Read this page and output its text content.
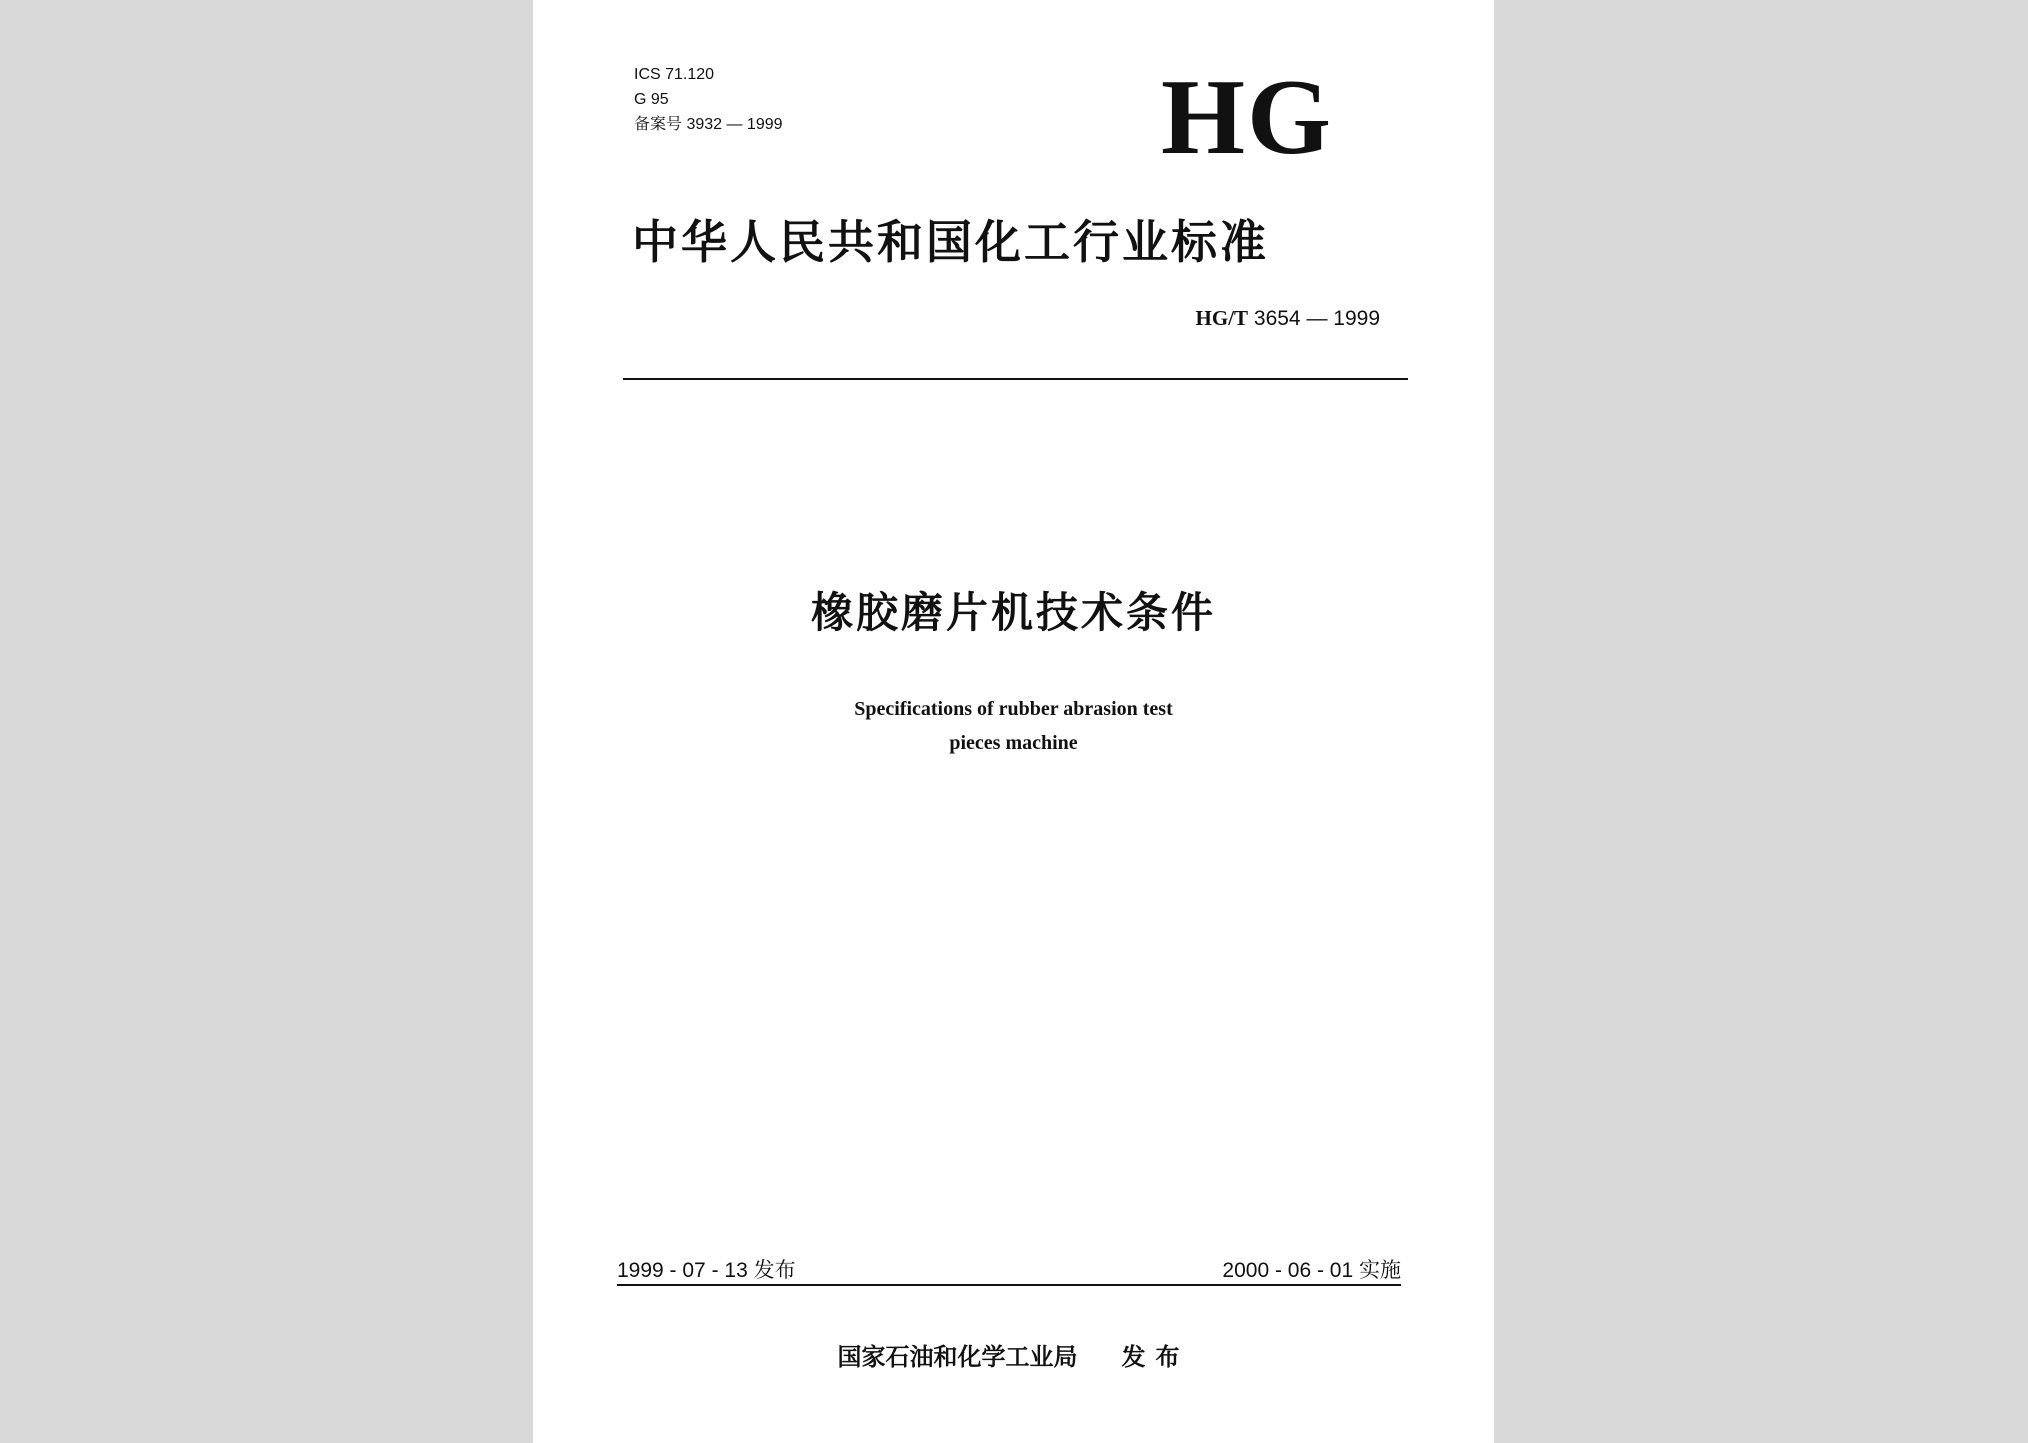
ICS 71.120
G 95
备案号 3932 — 1999	HG
中华人民共和国化工行业标准
HG/T 3654 — 1999
橡胶磨片机技术条件
Specifications of rubber abrasion test
pieces machine
1999 - 07 - 13 发布	2000 - 06 - 01 实施
国家石油和化学工业局 发布
